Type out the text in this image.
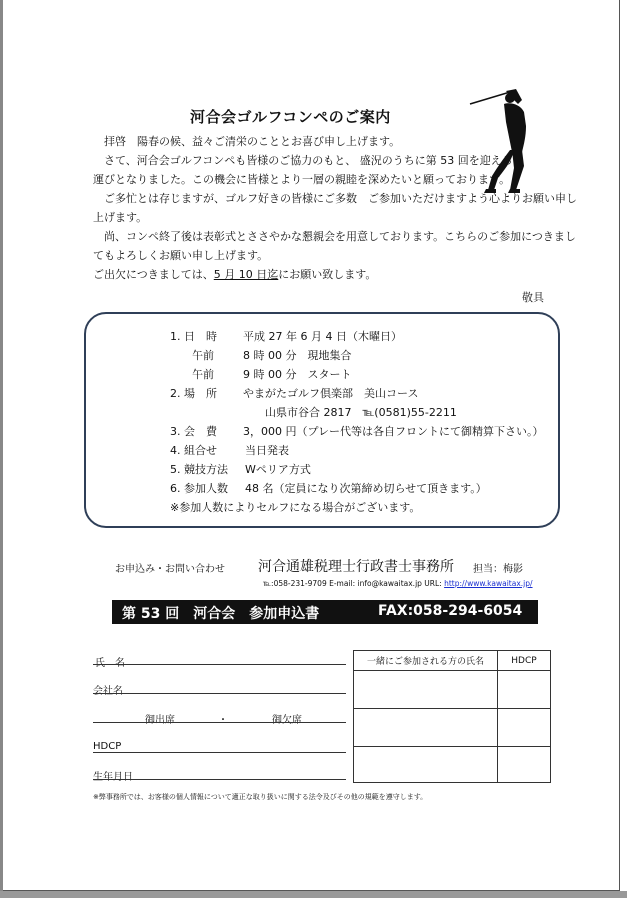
河合会ゴルフコンペのご案内
　拝啓　陽春の候、益々ご清栄のこととお喜び申し上げます。
　さて、河合会ゴルフコンペも皆様のご協力のもと、 盛況のうちに第 53 回を迎える
運びとなりました。この機会に皆様とより一層の親睦を深めたいと願っております。
　ご多忙とは存じますが、ゴルフ好きの皆様にご多数　ご参加いただけますよう心よりお願い申し
上げます。
　尚、コンペ終了後は表彰式とささやかな懇親会を用意しております。こちらのご参加につきまし
てもよろしくお願い申し上げます。
ご出欠につきましては、5 月 10 日迄にお願い致します。
敬具
1. 日　時 平成 27 年 6 月 4 日（木曜日）
午前	8 時 00 分　現地集合
午前	9 時 00 分　スタート
2. 場　所 やまがたゴルフ倶楽部　美山コース
山県市谷合 2817　℡(0581)55-2211
3. 会　費 3，000 円（プレー代等は各自フロントにて御精算下さい。）
4. 組合せ	当日発表
5. 競技方法 Wペリア方式
6. 参加人数 48 名（定員になり次第締め切らせて頂きます。）
※参加人数によりセルフになる場合がございます。
お申込み・お問い合わせ 河合通雄税理士行政書士事務所 担当：梅影
℡:058-231-9709 E-mail: info@kawaitax.jp URL: http://www.kawaitax.jp/
第 53 回　河合会　参加申込書	FAX:058-294-6054
氏　名
会社名
御出席	・	御欠席
HDCP
生年月日
一緒にご参加される方の氏名	HDCP

※弊事務所では、お客様の個人情報について適正な取り扱いに関する法令及びその他の規範を遵守します。
